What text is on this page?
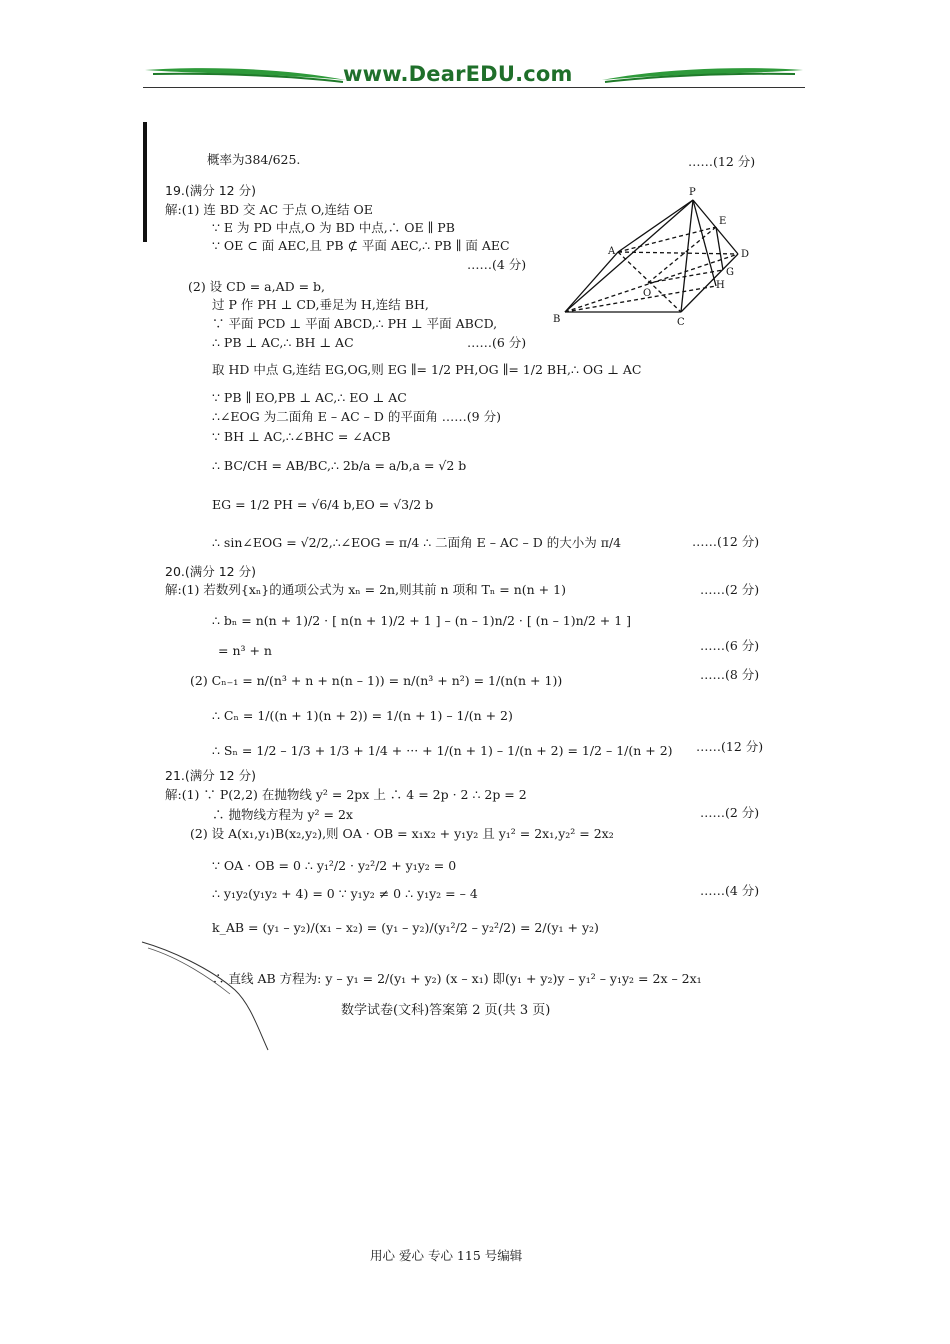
www.DearEDU.com
概率为384/625.	……(12 分)
19.(满分 12 分)
解:(1) 连 BD 交 AC 于点 O,连结 OE
∵ E 为 PD 中点,O 为 BD 中点,∴ OE ∥ PB
∵ OE ⊂ 面 AEC,且 PB ⊄ 平面 AEC,∴ PB ∥ 面 AEC
……(4 分)
(2) 设 CD = a,AD = b,
过 P 作 PH ⊥ CD,垂足为 H,连结 BH,
∵ 平面 PCD ⊥ 平面 ABCD,∴ PH ⊥ 平面 ABCD,
∴ PB ⊥ AC,∴ BH ⊥ AC	……(6 分)
取 HD 中点 G,连结 EG,OG,则 EG ∥= 1/2 PH,OG ∥= 1/2 BH,∴ OG ⊥ AC
∵ PB ∥ EO,PB ⊥ AC,∴ EO ⊥ AC
∴∠EOG 为二面角 E – AC – D 的平面角 ……(9 分)
∵ BH ⊥ AC,∴∠BHC = ∠ACB
∴ BC/CH = AB/BC,∴ 2b/a = a/b,a = √2 b
EG = 1/2 PH = √6/4 b,EO = √3/2 b
∴ sin∠EOG = √2/2,∴∠EOG = π/4 ∴ 二面角 E – AC – D 的大小为 π/4	……(12 分)
P
E
A	D
G
O
H
B	C
20.(满分 12 分)
解:(1) 若数列{xₙ}的通项公式为 xₙ = 2n,则其前 n 项和 Tₙ = n(n + 1)	……(2 分)
∴ bₙ = n(n + 1)/2 · [ n(n + 1)/2 + 1 ] – (n – 1)n/2 · [ (n – 1)n/2 + 1 ]
= n³ + n	……(6 分)
(2) Cₙ₋₁ = n/(n³ + n + n(n – 1)) = n/(n³ + n²) = 1/(n(n + 1))	……(8 分)
∴ Cₙ = 1/((n + 1)(n + 2)) = 1/(n + 1) – 1/(n + 2)
∴ Sₙ = 1/2 – 1/3 + 1/3 + 1/4 + ··· + 1/(n + 1) – 1/(n + 2) = 1/2 – 1/(n + 2) ……(12 分)
21.(满分 12 分)
解:(1) ∵ P(2,2) 在抛物线 y² = 2px 上 ∴ 4 = 2p · 2 ∴ 2p = 2
∴ 抛物线方程为 y² = 2x	……(2 分)
(2) 设 A(x₁,y₁)B(x₂,y₂),则 OA · OB = x₁x₂ + y₁y₂ 且 y₁² = 2x₁,y₂² = 2x₂
∵ OA · OB = 0 ∴ y₁²/2 · y₂²/2 + y₁y₂ = 0
∴ y₁y₂(y₁y₂ + 4) = 0 ∵ y₁y₂ ≠ 0 ∴ y₁y₂ = – 4	……(4 分)
k_AB = (y₁ – y₂)/(x₁ – x₂) = (y₁ – y₂)/(y₁²/2 – y₂²/2) = 2/(y₁ + y₂)
∴ 直线 AB 方程为: y – y₁ = 2/(y₁ + y₂) (x – x₁) 即(y₁ + y₂)y – y₁² – y₁y₂ = 2x – 2x₁
数学试卷(文科)答案第 2 页(共 3 页)
用心 爱心 专心 115 号编辑
